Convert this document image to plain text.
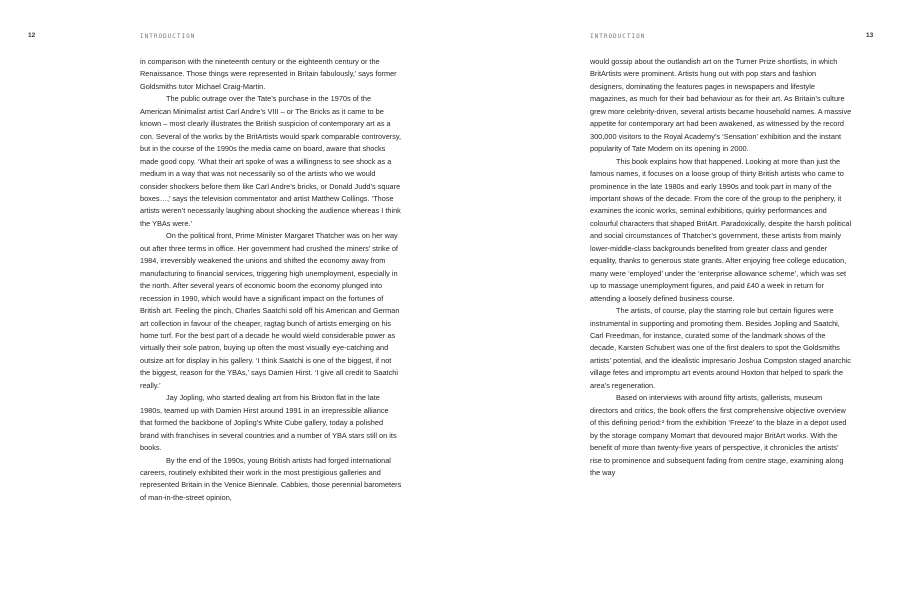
12	INTRODUCTION

in comparison with the nineteenth century or the eighteenth century or the Renaissance. Those things were represented in Britain fabulously,’ says former Goldsmiths tutor Michael Craig-Martin.

The public outrage over the Tate’s purchase in the 1970s of the American Minimalist artist Carl Andre’s VIII – or The Bricks as it came to be known – most clearly illustrates the British suspicion of contemporary art as a con. Several of the works by the BritArtists would spark comparable controversy, but in the course of the 1990s the media came on board, aware that shocks made good copy. ‘What their art spoke of was a willingness to see shock as a medium in a way that was not necessarily so of the artists who we would consider shockers before them like Carl Andre’s bricks, or Donald Judd’s square boxes…,’ says the television commentator and artist Matthew Collings. ‘Those artists weren’t necessarily laughing about shocking the audience whereas I think the YBAs were.’

On the political front, Prime Minister Margaret Thatcher was on her way out after three terms in office. Her government had crushed the miners’ strike of 1984, irreversibly weakened the unions and shifted the economy away from manufacturing to financial services, triggering high unemployment, especially in the north. After several years of economic boom the economy plunged into recession in 1990, which would have a significant impact on the fortunes of British art. Feeling the pinch, Charles Saatchi sold off his American and German art collection in favour of the cheaper, ragtag bunch of artists emerging on his home turf. For the best part of a decade he would wield considerable power as virtually their sole patron, buying up often the most visually eye-catching and outsize art for display in his gallery. ‘I think Saatchi is one of the biggest, if not the biggest, reason for the YBAs,’ says Damien Hirst. ‘I give all credit to Saatchi really.’

Jay Jopling, who started dealing art from his Brixton flat in the late 1980s, teamed up with Damien Hirst around 1991 in an irrepressible alliance that formed the backbone of Jopling’s White Cube gallery, today a polished brand with franchises in several countries and a number of YBA stars still on its books.

By the end of the 1990s, young British artists had forged international careers, routinely exhibited their work in the most prestigious galleries and represented Britain in the Venice Biennale. Cabbies, those perennial barometers of man-in-the-street opinion,

INTRODUCTION	13

would gossip about the outlandish art on the Turner Prize shortlists, in which BritArtists were prominent. Artists hung out with pop stars and fashion designers, dominating the features pages in newspapers and lifestyle magazines, as much for their bad behaviour as for their art. As Britain’s culture grew more celebrity-driven, several artists became household names. A massive appetite for contemporary art had been awakened, as witnessed by the record 300,000 visitors to the Royal Academy’s ‘Sensation’ exhibition and the instant popularity of Tate Modern on its opening in 2000.

This book explains how that happened. Looking at more than just the famous names, it focuses on a loose group of thirty British artists who came to prominence in the late 1980s and early 1990s and took part in many of the important shows of the decade. From the core of the group to the periphery, it examines the iconic works, seminal exhibitions, quirky performances and colourful characters that shaped BritArt. Paradoxically, despite the harsh political and social circumstances of Thatcher’s government, these artists from mainly lower-middle-class backgrounds benefited from greater class and gender equality, thanks to generous state grants. After enjoying free college education, many were ‘employed’ under the ‘enterprise allowance scheme’, which was set up to massage unemployment figures, and paid £40 a week in return for attending a loosely defined business course.

The artists, of course, play the starring role but certain figures were instrumental in supporting and promoting them. Besides Jopling and Saatchi, Carl Freedman, for instance, curated some of the landmark shows of the decade, Karsten Schubert was one of the first dealers to spot the Goldsmiths artists’ potential, and the idealistic impresario Joshua Compston staged anarchic village fetes and impromptu art events around Hoxton that helped to spark the area’s regeneration.

Based on interviews with around fifty artists, gallerists, museum directors and critics, the book offers the first comprehensive objective overview of this defining period:² from the exhibition ‘Freeze’ to the blaze in a depot used by the storage company Momart that devoured major BritArt works. With the benefit of more than twenty-five years of perspective, it chronicles the artists’ rise to prominence and subsequent fading from centre stage, examining along the way
